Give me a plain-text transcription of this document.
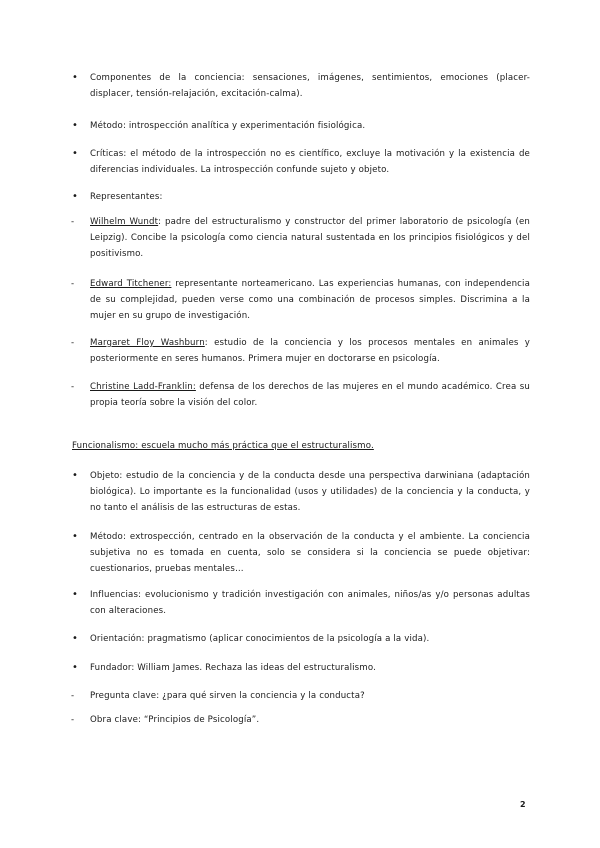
•	Componentes de la conciencia: sensaciones, imágenes, sentimientos, emociones (placer-displacer, tensión-relajación, excitación-calma).
•	Método: introspección analítica y experimentación fisiológica.
•	Críticas: el método de la introspección no es científico, excluye la motivación y la existencia de diferencias individuales. La introspección confunde sujeto y objeto.
•	Representantes:
-	Wilhelm Wundt: padre del estructuralismo y constructor del primer laboratorio de psicología (en Leipzig). Concibe la psicología como ciencia natural sustentada en los principios fisiológicos y del positivismo.
-	Edward Titchener: representante norteamericano. Las experiencias humanas, con independencia de su complejidad, pueden verse como una combinación de procesos simples. Discrimina a la mujer en su grupo de investigación.
-	Margaret Floy Washburn: estudio de la conciencia y los procesos mentales en animales y posteriormente en seres humanos. Primera mujer en doctorarse en psicología.
-	Christine Ladd-Franklin: defensa de los derechos de las mujeres en el mundo académico. Crea su propia teoría sobre la visión del color.
Funcionalismo: escuela mucho más práctica que el estructuralismo.
•	Objeto: estudio de la conciencia y de la conducta desde una perspectiva darwiniana (adaptación biológica). Lo importante es la funcionalidad (usos y utilidades) de la conciencia y la conducta, y no tanto el análisis de las estructuras de estas.
•	Método: extrospección, centrado en la observación de la conducta y el ambiente. La conciencia subjetiva no es tomada en cuenta, solo se considera si la conciencia se puede objetivar: cuestionarios, pruebas mentales…
•	Influencias: evolucionismo y tradición investigación con animales, niños/as y/o personas adultas con alteraciones.
•	Orientación: pragmatismo (aplicar conocimientos de la psicología a la vida).
•	Fundador: William James. Rechaza las ideas del estructuralismo.
-	Pregunta clave: ¿para qué sirven la conciencia y la conducta?
-	Obra clave: “Principios de Psicología”.
2
